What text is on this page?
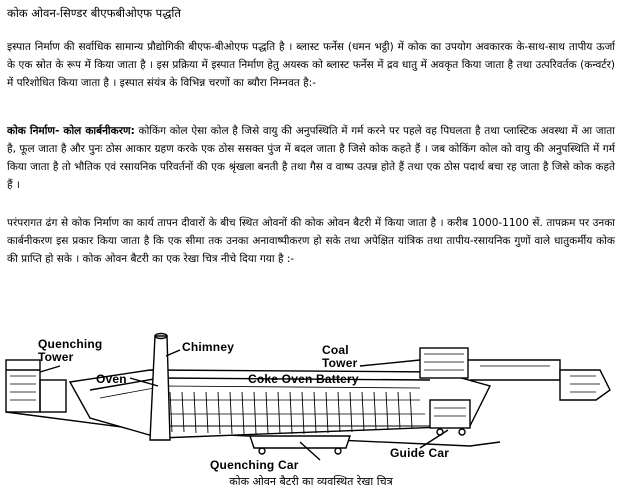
कोक ओवन-सिण्डर बीएफबीओएफ पद्धति
इस्पात निर्माण की सर्वाधिक सामान्य प्रौद्योगिकी बीएफ-बीओएफ पद्धति है । ब्लास्ट फर्नेस (धमन भट्ठी) में कोक का उपयोग अवकारक के-साथ-साथ तापीय ऊर्जा के एक स्रोत के रूप में किया जाता है । इस प्रक्रिया में इस्पात निर्माण हेतु अयस्क को ब्लास्ट फर्नेस में द्रव धातु में अवकृत किया जाता है तथा उत्परिवर्तक (कन्वर्टर) में परिशोधित किया जाता है । इस्पात संयंत्र के विभिन्न चरणों का ब्यौरा निम्नवत है:-
कोक निर्माण- कोल कार्बनीकरण: कोकिंग कोल ऐसा कोल है जिसे वायु की अनुपस्थिति में गर्म करने पर पहले वह पिघलता है तथा प्लास्टिक अवस्था में आ जाता है, फूल जाता है और पुनः ठोस आकार ग्रहण करके एक ठोस ससक्त पुंज में बदल जाता है जिसे कोक कहते हैं । जब कोकिंग कोल को वायु की अनुपस्थिति में गर्म किया जाता है तो भौतिक एवं रसायनिक परिवर्तनों की एक श्रृंखला बनती है तथा गैस व वाष्प उत्पन्न होते हैं तथा एक ठोस पदार्थ बचा रह जाता है जिसे कोक कहते हैं ।
परंपरागत ढंग से कोक निर्माण का कार्य तापन दीवारों के बीच स्थित ओवनों की कोक ओवन बैटरी में किया जाता है । करीब 1000-1100 सें. तापक्रम पर उनका कार्बनीकरण इस प्रकार किया जाता है कि एक सीमा तक उनका अनावाष्पीकरण हो सके तथा अपेक्षित यांत्रिक तथा तापीय-रसायनिक गुणों वाले धातुकर्मीय कोक की प्राप्ति हो सके । कोक ओवन बैटरी का एक रेखा चित्र नीचे दिया गया है :-
Quenching
Tower
Chimney	Coal
Tower
Oven	Coke Oven Battery
Quenching Car
Guide Car
कोक ओवन बैटरी का व्यवस्थित रेखा चित्र
